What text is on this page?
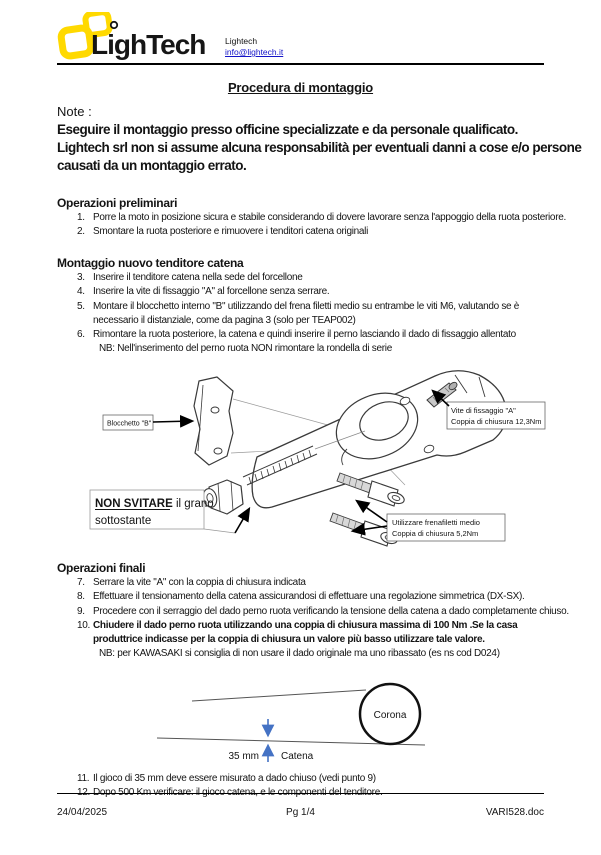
LighTech Lightech
info@lightech.it
Procedura di montaggio
Note :
Eseguire il montaggio presso officine specializzate e da personale qualificato.
Lightech srl non si assume alcuna responsabilità per eventuali danni a cose e/o persone
causati da un montaggio errato.
Operazioni preliminari
1. Porre la moto in posizione sicura e stabile considerando di dovere lavorare senza l'appoggio della ruota posteriore.
2. Smontare la ruota posteriore e rimuovere i tenditori catena originali
Montaggio nuovo tenditore catena
3. Inserire il tenditore catena nella sede del forcellone
4. Inserire la vite di fissaggio "A" al forcellone senza serrare.
5. Montare il blocchetto interno "B" utilizzando del frena filetti medio su entrambe le viti M6, valutando se è necessario il distanziale, come da pagina 3 (solo per TEAP002)
6. Rimontare la ruota posteriore, la catena e quindi inserire il perno lasciando il dado di fissaggio allentato
NB: Nell'inserimento del perno ruota NON rimontare la rondella di serie
Blocchetto "B"
Vite di fissaggio "A"
Coppia di chiusura 12,3Nm
NON SVITARE il grano
sottostante	Utilizzare frenafiletti medio
Coppia di chiusura 5,2Nm
Operazioni finali
7. Serrare la vite "A" con la coppia di chiusura indicata
8. Effettuare il tensionamento della catena assicurandosi di effettuare una regolazione simmetrica (DX-SX).
9. Procedere con il serraggio del dado perno ruota verificando la tensione della catena a dado completamente chiuso.
10. Chiudere il dado perno ruota utilizzando una coppia di chiusura massima di 100 Nm .Se la casa produttrice indicasse per la coppia di chiusura un valore più basso utilizzare tale valore.
NB: per KAWASAKI si consiglia di non usare il dado originale ma uno ribassato (es ns cod D024)
Corona
35 mm Catena
11. Il gioco di 35 mm deve essere misurato a dado chiuso (vedi punto 9)
12. Dopo 500 Km verificare: il gioco catena, e le componenti del tenditore.
24/04/2025	Pg 1/4	VARI528.doc
